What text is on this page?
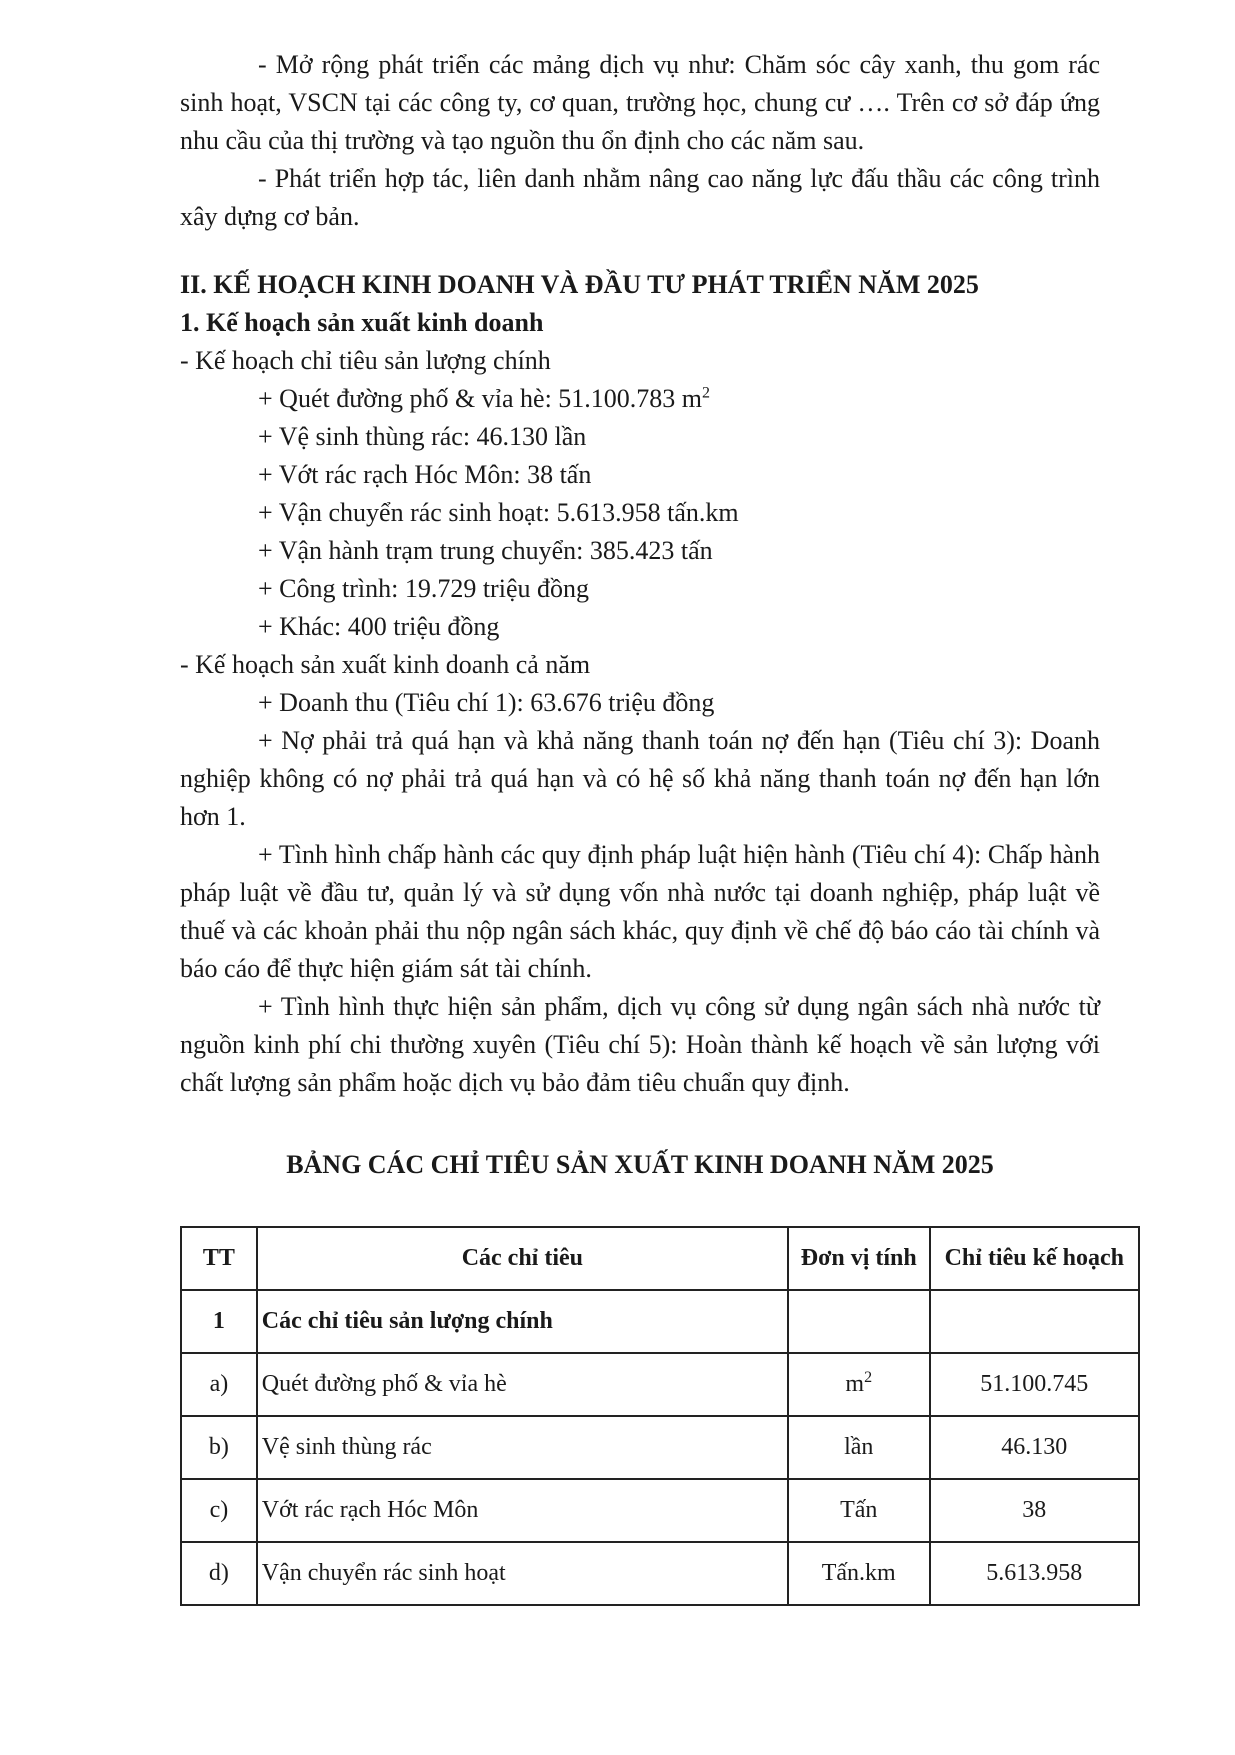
- Mở rộng phát triển các mảng dịch vụ như: Chăm sóc cây xanh, thu gom rác sinh hoạt, VSCN tại các công ty, cơ quan, trường học, chung cư …. Trên cơ sở đáp ứng nhu cầu của thị trường và tạo nguồn thu ổn định cho các năm sau.
- Phát triển hợp tác, liên danh nhằm nâng cao năng lực đấu thầu các công trình xây dựng cơ bản.
II. KẾ HOẠCH KINH DOANH VÀ ĐẦU TƯ PHÁT TRIỂN NĂM 2025
1. Kế hoạch sản xuất kinh doanh
- Kế hoạch chỉ tiêu sản lượng chính
+ Quét đường phố & vỉa hè: 51.100.783 $m^2$
+ Vệ sinh thùng rác: 46.130 lần
+ Vớt rác rạch Hóc Môn: 38 tấn
+ Vận chuyển rác sinh hoạt: 5.613.958 tấn.km
+ Vận hành trạm trung chuyển: 385.423 tấn
+ Công trình: 19.729 triệu đồng
+ Khác: 400 triệu đồng
- Kế hoạch sản xuất kinh doanh cả năm
+ Doanh thu (Tiêu chí 1): 63.676 triệu đồng
+ Nợ phải trả quá hạn và khả năng thanh toán nợ đến hạn (Tiêu chí 3): Doanh nghiệp không có nợ phải trả quá hạn và có hệ số khả năng thanh toán nợ đến hạn lớn hơn 1.
+ Tình hình chấp hành các quy định pháp luật hiện hành (Tiêu chí 4): Chấp hành pháp luật về đầu tư, quản lý và sử dụng vốn nhà nước tại doanh nghiệp, pháp luật về thuế và các khoản phải thu nộp ngân sách khác, quy định về chế độ báo cáo tài chính và báo cáo để thực hiện giám sát tài chính.
+ Tình hình thực hiện sản phẩm, dịch vụ công sử dụng ngân sách nhà nước từ nguồn kinh phí chi thường xuyên (Tiêu chí 5): Hoàn thành kế hoạch về sản lượng với chất lượng sản phẩm hoặc dịch vụ bảo đảm tiêu chuẩn quy định.
BẢNG CÁC CHỈ TIÊU SẢN XUẤT KINH DOANH NĂM 2025
TT	Các chỉ tiêu	Đơn vị tính	Chỉ tiêu kế hoạch
1	Các chỉ tiêu sản lượng chính		
a)	Quét đường phố & vỉa hè	$m^2$	51.100.745
b)	Vệ sinh thùng rác	lần	46.130
c)	Vớt rác rạch Hóc Môn	Tấn	38
d)	Vận chuyển rác sinh hoạt	Tấn.km	5.613.958
